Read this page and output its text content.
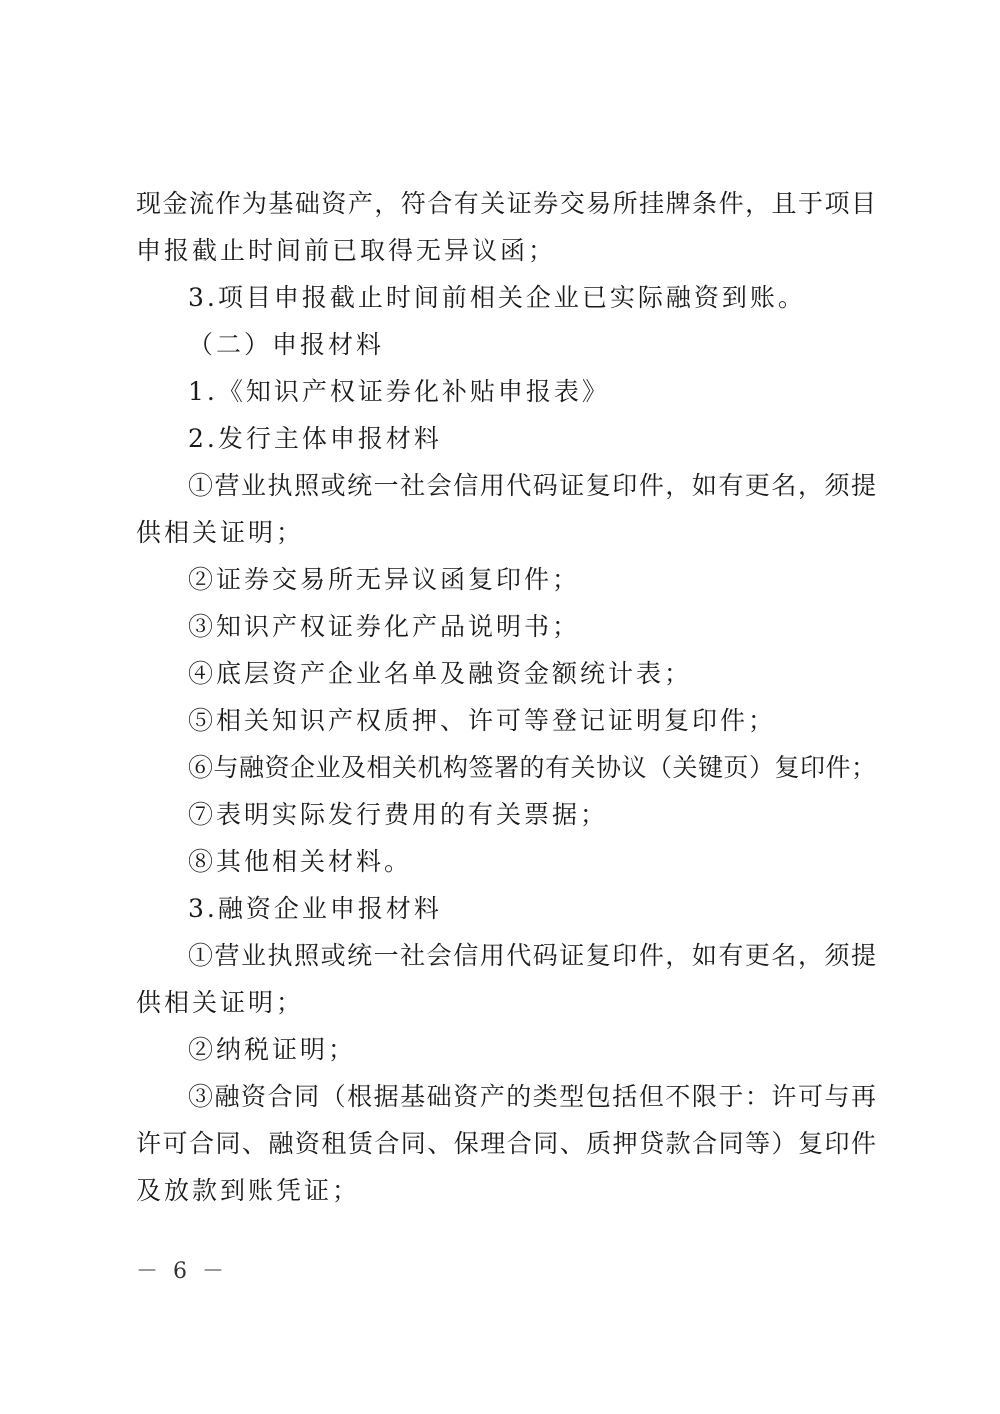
现金流作为基础资产，符合有关证券交易所挂牌条件，且于项目
申报截止时间前已取得无异议函；
3.项目申报截止时间前相关企业已实际融资到账。
（二）申报材料
1.《知识产权证券化补贴申报表》
2.发行主体申报材料
①营业执照或统一社会信用代码证复印件，如有更名，须提
供相关证明；
②证券交易所无异议函复印件；
③知识产权证券化产品说明书；
④底层资产企业名单及融资金额统计表；
⑤相关知识产权质押、许可等登记证明复印件；
⑥与融资企业及相关机构签署的有关协议（关键页）复印件；
⑦表明实际发行费用的有关票据；
⑧其他相关材料。
3.融资企业申报材料
①营业执照或统一社会信用代码证复印件，如有更名，须提
供相关证明；
②纳税证明；
③融资合同（根据基础资产的类型包括但不限于：许可与再
许可合同、融资租赁合同、保理合同、质押贷款合同等）复印件
及放款到账凭证；
－ 6 －
